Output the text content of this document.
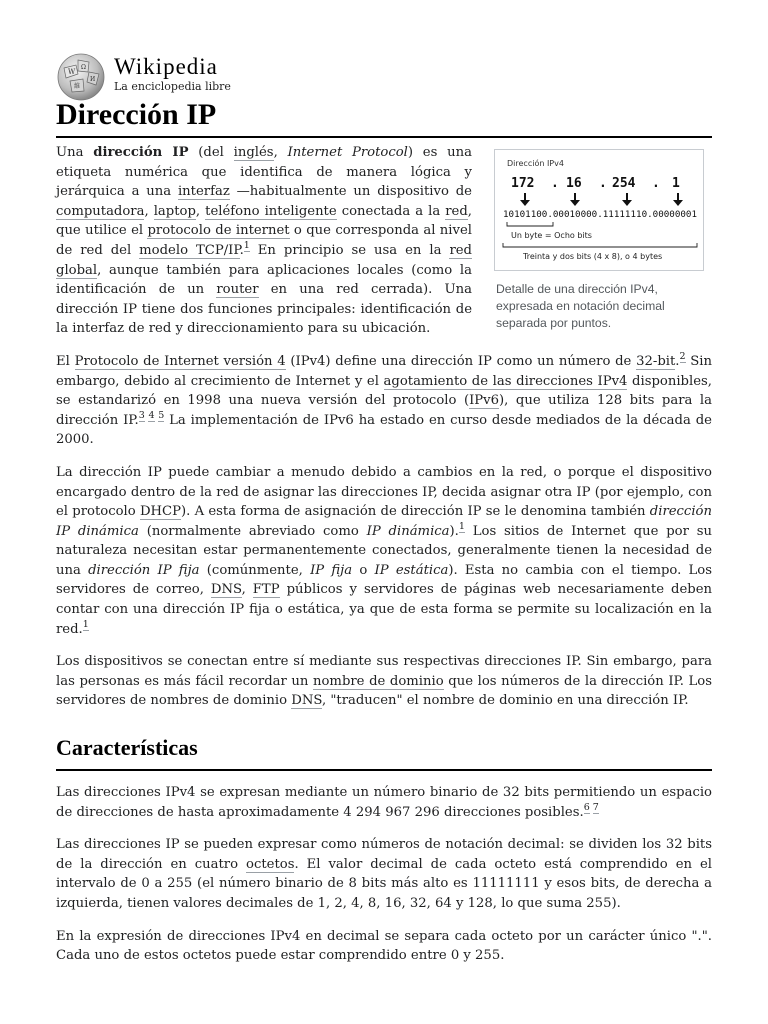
W
Ω
И
維
Wikipedia
La enciclopedia libre
Dirección IP
Dirección IPv4
172 . 16 . 254 . 1
10101100.00010000.11111110.00000001
Un byte = Ocho bits
Treinta y dos bits (4 x 8), o 4 bytes
Detalle de una dirección IPv4, expresada en notación decimal separada por puntos.

Una dirección IP (del inglés, Internet Protocol) es una etiqueta numérica que identifica de manera lógica y jerárquica a una interfaz —habitualmente un dispositivo de computadora, laptop, teléfono inteligente conectada a la red, que utilice el protocolo de internet o que corresponda al nivel de red del modelo TCP/IP.$^1$ En principio se usa en la red global, aunque también para aplicaciones locales (como la identificación de un router en una red cerrada). Una dirección IP tiene dos funciones principales: identificación de la interfaz de red y direccionamiento para su ubicación.

El Protocolo de Internet versión 4 (IPv4) define una dirección IP como un número de 32-bit.$^2$ Sin embargo, debido al crecimiento de Internet y el agotamiento de las direcciones IPv4 disponibles, se estandarizó en 1998 una nueva versión del protocolo (IPv6), que utiliza 128 bits para la dirección IP.$^{3 4 5}$ La implementación de IPv6 ha estado en curso desde mediados de la década de 2000.

La dirección IP puede cambiar a menudo debido a cambios en la red, o porque el dispositivo encargado dentro de la red de asignar las direcciones IP, decida asignar otra IP (por ejemplo, con el protocolo DHCP). A esta forma de asignación de dirección IP se le denomina también dirección IP dinámica (normalmente abreviado como IP dinámica).$^1$ Los sitios de Internet que por su naturaleza necesitan estar permanentemente conectados, generalmente tienen la necesidad de una dirección IP fija (comúnmente, IP fija o IP estática). Esta no cambia con el tiempo. Los servidores de correo, DNS, FTP públicos y servidores de páginas web necesariamente deben contar con una dirección IP fija o estática, ya que de esta forma se permite su localización en la red.$^1$

Los dispositivos se conectan entre sí mediante sus respectivas direcciones IP. Sin embargo, para las personas es más fácil recordar un nombre de dominio que los números de la dirección IP. Los servidores de nombres de dominio DNS, "traducen" el nombre de dominio en una dirección IP.

Características

Las direcciones IPv4 se expresan mediante un número binario de 32 bits permitiendo un espacio de direcciones de hasta aproximadamente 4 294 967 296 direcciones posibles.$^{6 7}$

Las direcciones IP se pueden expresar como números de notación decimal: se dividen los 32 bits de la dirección en cuatro octetos. El valor decimal de cada octeto está comprendido en el intervalo de 0 a 255 (el número binario de 8 bits más alto es 11111111 y esos bits, de derecha a izquierda, tienen valores decimales de 1, 2, 4, 8, 16, 32, 64 y 128, lo que suma 255).

En la expresión de direcciones IPv4 en decimal se separa cada octeto por un carácter único ".". Cada uno de estos octetos puede estar comprendido entre 0 y 255.
